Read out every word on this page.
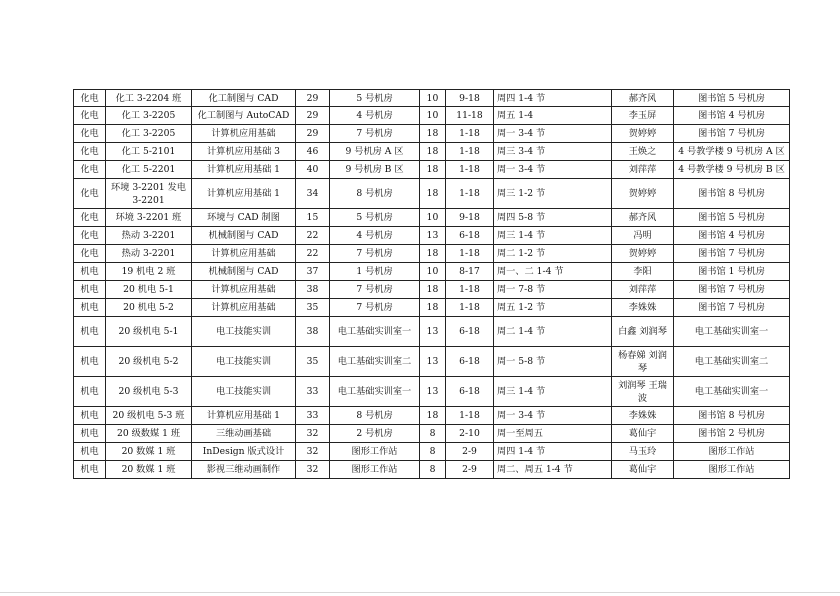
化电	化工 3-2204 班	化工制图与 CAD	29	5 号机房	10	9-18	周四 1-4 节	郝齐风	图书馆 5 号机房
化电	化工 3-2205	化工制图与 AutoCAD	29	4 号机房	10	11-18	周五 1-4	李玉屏	图书馆 4 号机房
化电	化工 3-2205	计算机应用基础	29	7 号机房	18	1-18	周一 3-4 节	贺婷婷	图书馆 7 号机房
化电	化工 5-2101	计算机应用基础 3	46	9 号机房 A 区	18	1-18	周三 3-4 节	王焕之	4 号教学楼 9 号机房 A 区
化电	化工 5-2201	计算机应用基础 1	40	9 号机房 B 区	18	1-18	周一 3-4 节	刘萍萍	4 号教学楼 9 号机房 B 区
化电	环境 3-2201 发电 3-2201	计算机应用基础 1	34	8 号机房	18	1-18	周三 1-2 节	贺婷婷	图书馆 8 号机房
化电	环境 3-2201 班	环境与 CAD 制图	15	5 号机房	10	9-18	周四 5-8 节	郝齐风	图书馆 5 号机房
化电	热动 3-2201	机械制图与 CAD	22	4 号机房	13	6-18	周三 1-4 节	冯明	图书馆 4 号机房
化电	热动 3-2201	计算机应用基础	22	7 号机房	18	1-18	周二 1-2 节	贺婷婷	图书馆 7 号机房
机电	19 机电 2 班	机械制图与 CAD	37	1 号机房	10	8-17	周一、二 1-4 节	李阳	图书馆 1 号机房
机电	20 机电 5-1	计算机应用基础	38	7 号机房	18	1-18	周一 7-8 节	刘萍萍	图书馆 7 号机房
机电	20 机电 5-2	计算机应用基础	35	7 号机房	18	1-18	周五 1-2 节	李姝姝	图书馆 7 号机房
机电	20 级机电 5-1	电工技能实训	38	电工基础实训室一	13	6-18	周二 1-4 节	白鑫 刘润琴	电工基础实训室一
机电	20 级机电 5-2	电工技能实训	35	电工基础实训室二	13	6-18	周一 5-8 节	杨春娣 刘润琴	电工基础实训室二
机电	20 级机电 5-3	电工技能实训	33	电工基础实训室一	13	6-18	周三 1-4 节	刘润琴 王瑞波	电工基础实训室一
机电	20 级机电 5-3 班	计算机应用基础 1	33	8 号机房	18	1-18	周一 3-4 节	李姝姝	图书馆 8 号机房
机电	20 级数媒 1 班	三维动画基础	32	2 号机房	8	2-10	周一至周五	葛仙宇	图书馆 2 号机房
机电	20 数媒 1 班	InDesign 版式设计	32	图形工作站	8	2-9	周四 1-4 节	马玉玲	图形工作站
机电	20 数媒 1 班	影视三维动画制作	32	图形工作站	8	2-9	周二、周五 1-4 节	葛仙宇	图形工作站
